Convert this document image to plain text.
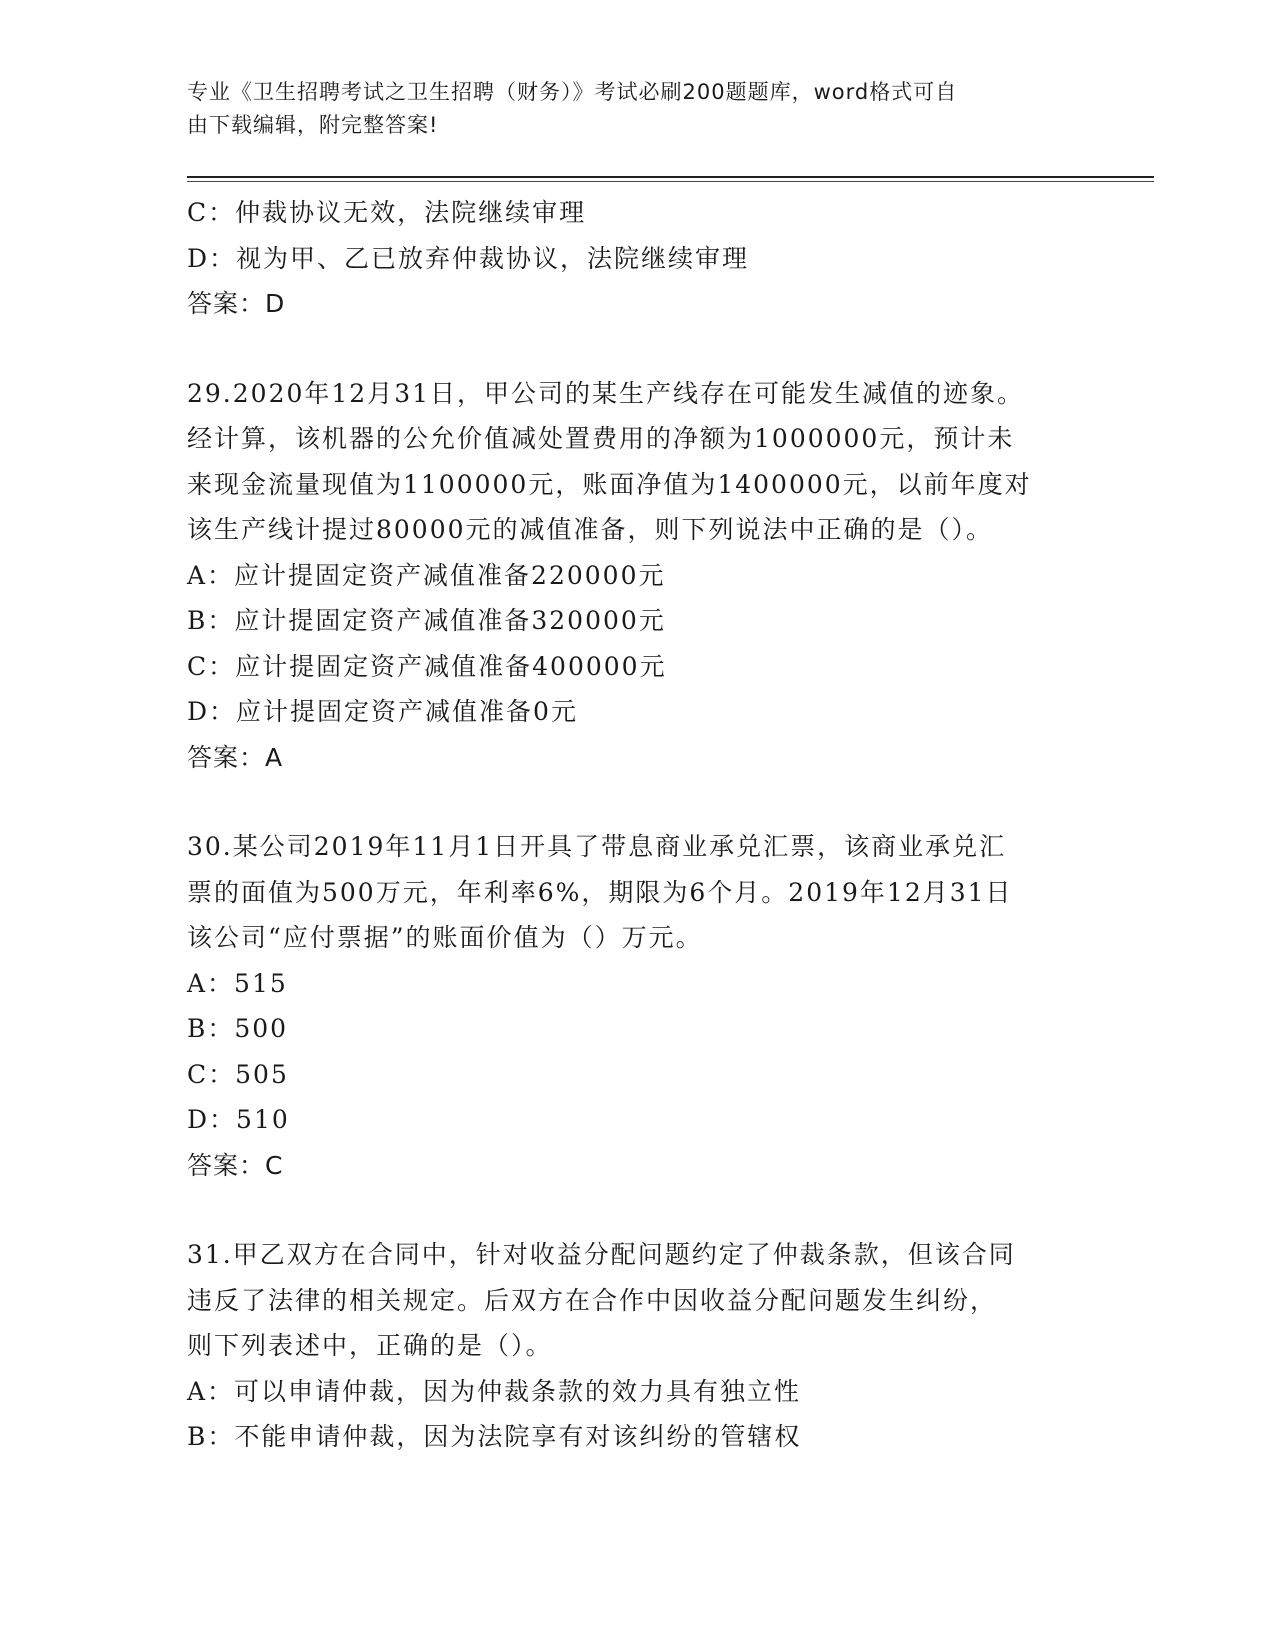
专业《卫生招聘考试之卫生招聘（财务）》考试必刷200题题库，word格式可自
由下载编辑，附完整答案!
C：仲裁协议无效，法院继续审理
D：视为甲、乙已放弃仲裁协议，法院继续审理
答案：D
29.2020年12月31日，甲公司的某生产线存在可能发生减值的迹象。
经计算，该机器的公允价值减处置费用的净额为1000000元，预计未
来现金流量现值为1100000元，账面净值为1400000元，以前年度对
该生产线计提过80000元的减值准备，则下列说法中正确的是（）。
A：应计提固定资产减值准备220000元
B：应计提固定资产减值准备320000元
C：应计提固定资产减值准备400000元
D：应计提固定资产减值准备0元
答案：A
30.某公司2019年11月1日开具了带息商业承兑汇票，该商业承兑汇
票的面值为500万元，年利率6%，期限为6个月。2019年12月31日
该公司“应付票据”的账面价值为（）万元。
A：515
B：500
C：505
D：510
答案：C
31.甲乙双方在合同中，针对收益分配问题约定了仲裁条款，但该合同
违反了法律的相关规定。后双方在合作中因收益分配问题发生纠纷，
则下列表述中，正确的是（）。
A：可以申请仲裁，因为仲裁条款的效力具有独立性
B：不能申请仲裁，因为法院享有对该纠纷的管辖权
